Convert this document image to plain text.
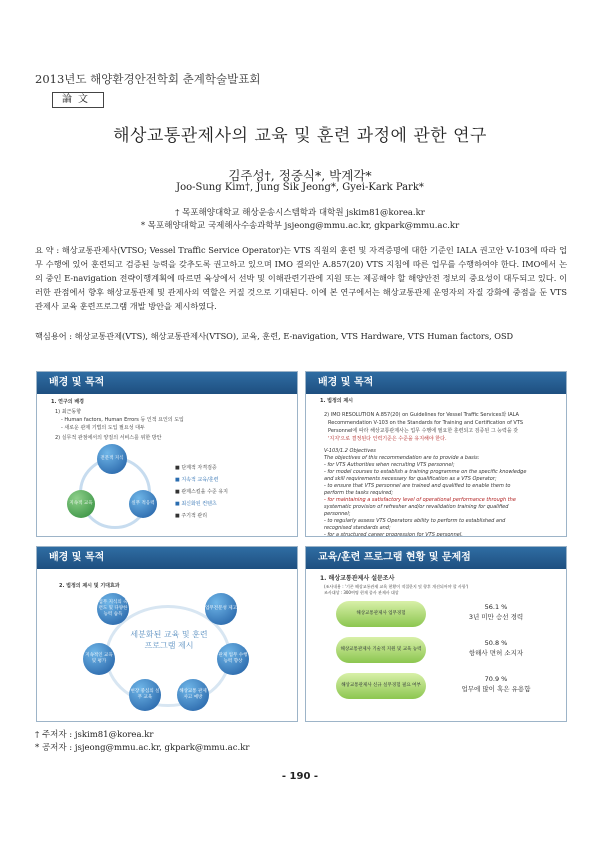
2013년도 해양환경안전학회 춘계학술발표회
論文
해상교통관제사의 교육 및 훈련 과정에 관한 연구
김주성†, 정중식*, 박계각*
Joo-Sung Kim†, Jung Sik Jeong*, Gyei-Kark Park*
† 목포해양대학교 해상운송시스템학과 대학원 jskim81@korea.kr
* 목포해양대학교 국제해사수송과학부 jsjeong@mmu.ac.kr, gkpark@mmu.ac.kr
요 약 : 해상교통관제사(VTSO; Vessel Traffic Service Operator)는 VTS 직원의 훈련 및 자격증명에 대한 기준인 IALA 권고안 V-103에 따라 업무 수행에 있어 훈련되고 검증된 능력을 갖추도록 권고하고 있으며 IMO 결의안 A.857(20) VTS 지침에 따른 업무를 수행하여야 한다. IMO에서 논의 중인 E-navigation 전략이행계획에 따르면 육상에서 선박 및 이해관련기관에 지원 또는 제공해야 할 해양안전 정보의 중요성이 대두되고 있다. 이러한 관점에서 향후 해상교통관제 및 관제사의 역할은 커질 것으로 기대된다. 이에 본 연구에서는 해상교통관제 운영자의 자질 강화에 중점을 둔 VTS 관제사 교육 훈련프로그램 개발 방안을 제시하였다.
핵심용어 : 해상교통관제(VTS), 해상교통관제사(VTSO), 교육, 훈련, E-navigation, VTS Hardware, VTS Human factors, OSD
배경 및 목적
1. 연구의 배경
1) 최근동향
- Human factors, Human Errors 등 인적 요인의 도입
- 새로운 관제 기법의 도입 필요성 대두
2) 실무적 관점에서의 양질의 서비스를 위한 방안
전문적 지식
지속적 교육	실무 적응력
■ 단계적 자격검증
■ 지속적 교육/훈련
■ 관제스킬을 수준 유지
■ 최신화된 컨텐츠
■ 주기적 관리
배경 및 목적
1. 법정의 제시
2) IMO RESOLUTION A.857(20) on Guidelines for Vessel Traffic Services와 IALA
Recommendation V-103 on the Standards for Training and Certification of VTS
Personnel에 따라 해상교통관제사는 업무 수행에 필요한 훈련되고 검증된 그 능력을 갖
'지지'으로 결정된다 인력기준은 수준을 유지해야 한다.
V-103/1.2 Objectives
The objectives of this recommendation are to provide a basis:
- for VTS Authorities when recruiting VTS personnel;
- for model courses to establish a training programme on the specific knowledge
and skill requirements necessary for qualification as a VTS Operator;
- to ensure that VTS personnel are trained and qualified to enable them to
perform the tasks required;
- for maintaining a satisfactory level of operational performance through the
systematic provision of refresher and/or revalidation training for qualified
personnel;
- to regularly assess VTS Operators ability to perform to established and
recognised standards and;
- for a structured career progression for VTS personnel.
배경 및 목적
2. 법정의 제시 및 기대효과
세분화된 교육 및 훈련 프로그램 제시
업무 지식의 숙련도 및 다양한 능력 습득
업무전문성 제고
지속적인 교육 및 평가
관제 업무 수행 능력 향상
현장 중심의 실무 교육
해상교통 관제 사고 예방
교육/훈련 프로그램 현황 및 문제점
1. 해상교통관제사 설문조사
(조사내용 : '기존 해상교통관제 교육 현황이 적절한지 및 향후 개선되어야 할 사항')
조사대상 : 300여명 현재 종사 관제사 대상
해상교통관제사 업무경험
56.1 %
3년 미만 승선 경력
해상교통관제사 기술적 지원 및 교육 능력
50.8 %
항해사 면허 소지자
해상교통관제사 신규 실무경험 필요 여부
70.9 %
업무에 많이 혹은 유용함
† 주저자 : jskim81@korea.kr
* 공저자 : jsjeong@mmu.ac.kr, gkpark@mmu.ac.kr
- 190 -
